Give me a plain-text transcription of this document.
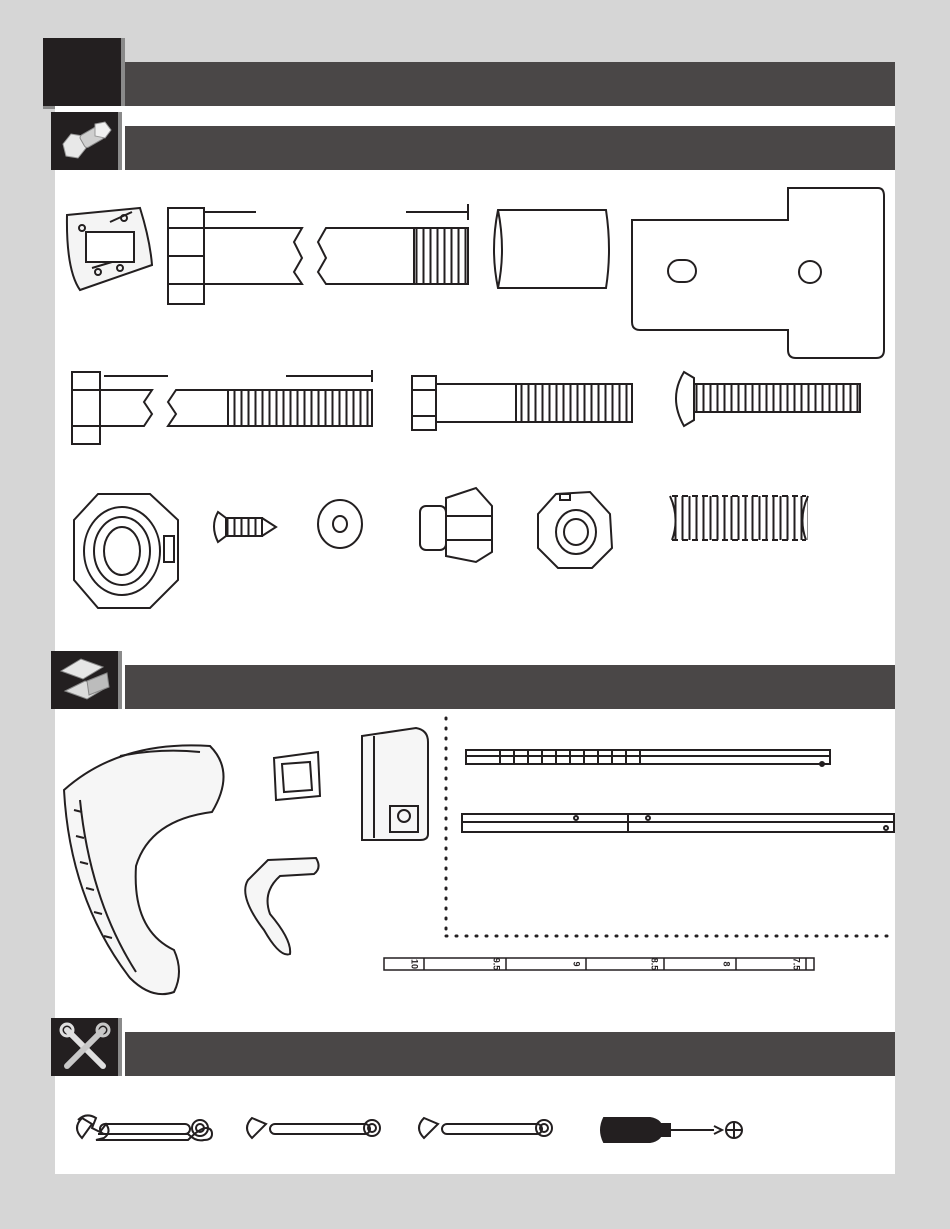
10	9.5	9	8.5	8	7.5
